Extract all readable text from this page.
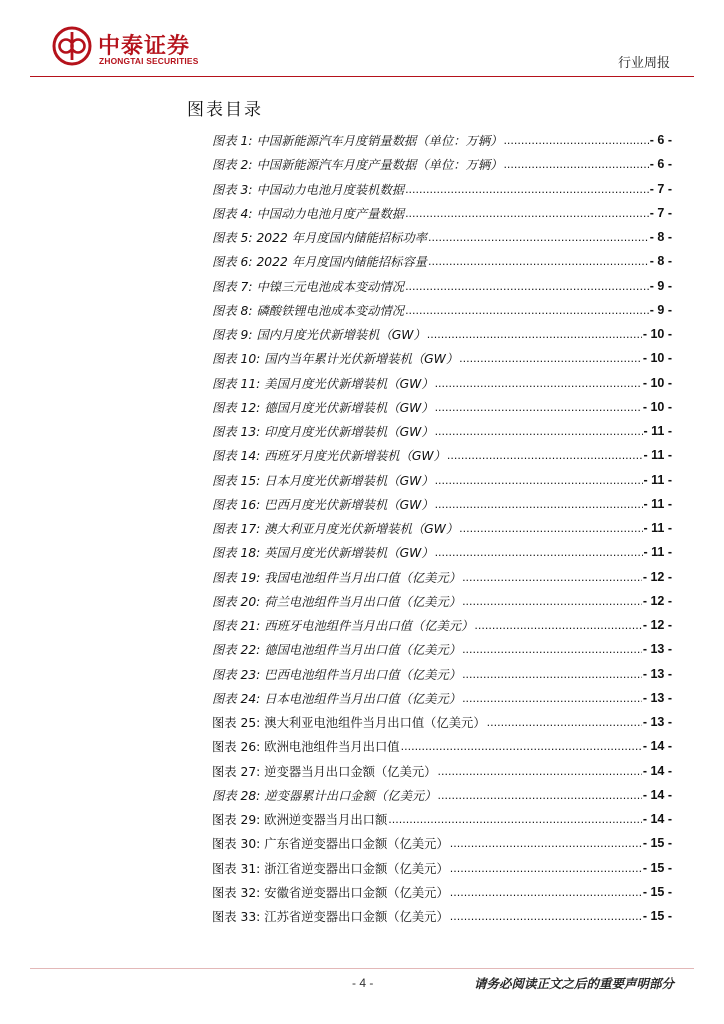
中泰证券
ZHONGTAI SECURITIES	行业周报
图表目录
图表 1: 中国新能源汽车月度销量数据（单位：万辆） .....	- 6 -
图表 2: 中国新能源汽车月度产量数据（单位：万辆） .....	- 6 -
图表 3: 中国动力电池月度装机数据 .....	- 7 -
图表 4: 中国动力电池月度产量数据 .....	- 7 -
图表 5: 2022 年月度国内储能招标功率 .....	- 8 -
图表 6: 2022 年月度国内储能招标容量 .....	- 8 -
图表 7: 中镍三元电池成本变动情况 .....	- 9 -
图表 8: 磷酸铁锂电池成本变动情况 .....	- 9 -
图表 9: 国内月度光伏新增装机（GW） .....	- 10 -
图表 10: 国内当年累计光伏新增装机（GW） .....	- 10 -
图表 11: 美国月度光伏新增装机（GW） .....	- 10 -
图表 12: 德国月度光伏新增装机（GW） .....	- 10 -
图表 13: 印度月度光伏新增装机（GW） .....	- 11 -
图表 14: 西班牙月度光伏新增装机（GW） .....	- 11 -
图表 15: 日本月度光伏新增装机（GW） .....	- 11 -
图表 16: 巴西月度光伏新增装机（GW） .....	- 11 -
图表 17: 澳大利亚月度光伏新增装机（GW） .....	- 11 -
图表 18: 英国月度光伏新增装机（GW） .....	- 11 -
图表 19: 我国电池组件当月出口值（亿美元） .....	- 12 -
图表 20: 荷兰电池组件当月出口值（亿美元） .....	- 12 -
图表 21: 西班牙电池组件当月出口值（亿美元） .....	- 12 -
图表 22: 德国电池组件当月出口值（亿美元） .....	- 13 -
图表 23: 巴西电池组件当月出口值（亿美元） .....	- 13 -
图表 24: 日本电池组件当月出口值（亿美元） .....	- 13 -
图表 25: 澳大利亚电池组件当月出口值（亿美元） .....	- 13 -
图表 26: 欧洲电池组件当月出口值 .....	- 14 -
图表 27: 逆变器当月出口金额（亿美元） .....	- 14 -
图表 28: 逆变器累计出口金额（亿美元） .....	- 14 -
图表 29: 欧洲逆变器当月出口额 .....	- 14 -
图表 30: 广东省逆变器出口金额（亿美元） .....	- 15 -
图表 31: 浙江省逆变器出口金额（亿美元） .....	- 15 -
图表 32: 安徽省逆变器出口金额（亿美元） .....	- 15 -
图表 33: 江苏省逆变器出口金额（亿美元） .....	- 15 -
- 4 -	请务必阅读正文之后的重要声明部分
